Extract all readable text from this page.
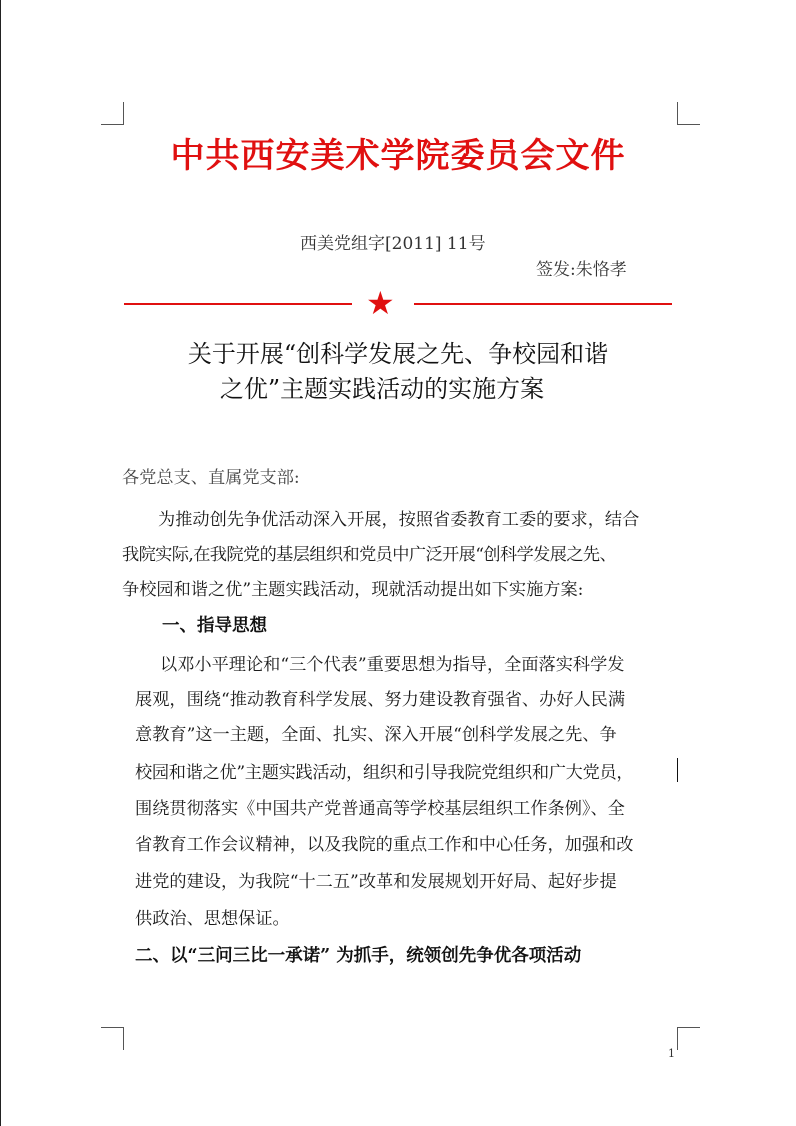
中共西安美术学院委员会文件
西美党组字[2011] 11号
签发:朱恪孝
★
关于开展“创科学发展之先、争校园和谐
之优”主题实践活动的实施方案
各党总支、直属党支部:
为推动创先争优活动深入开展，按照省委教育工委的要求，结合
我院实际,在我院党的基层组织和党员中广泛开展“创科学发展之先、
争校园和谐之优”主题实践活动，现就活动提出如下实施方案:
一、指导思想
以邓小平理论和“三个代表”重要思想为指导，全面落实科学发
展观，围绕“推动教育科学发展、努力建设教育强省、办好人民满
意教育”这一主题，全面、扎实、深入开展“创科学发展之先、争
校园和谐之优”主题实践活动，组织和引导我院党组织和广大党员，
围绕贯彻落实《中国共产党普通高等学校基层组织工作条例》、全
省教育工作会议精神，以及我院的重点工作和中心任务，加强和改
进党的建设，为我院“十二五”改革和发展规划开好局、起好步提
供政治、思想保证。
二、以“三问三比一承诺” 为抓手，统领创先争优各项活动
1
